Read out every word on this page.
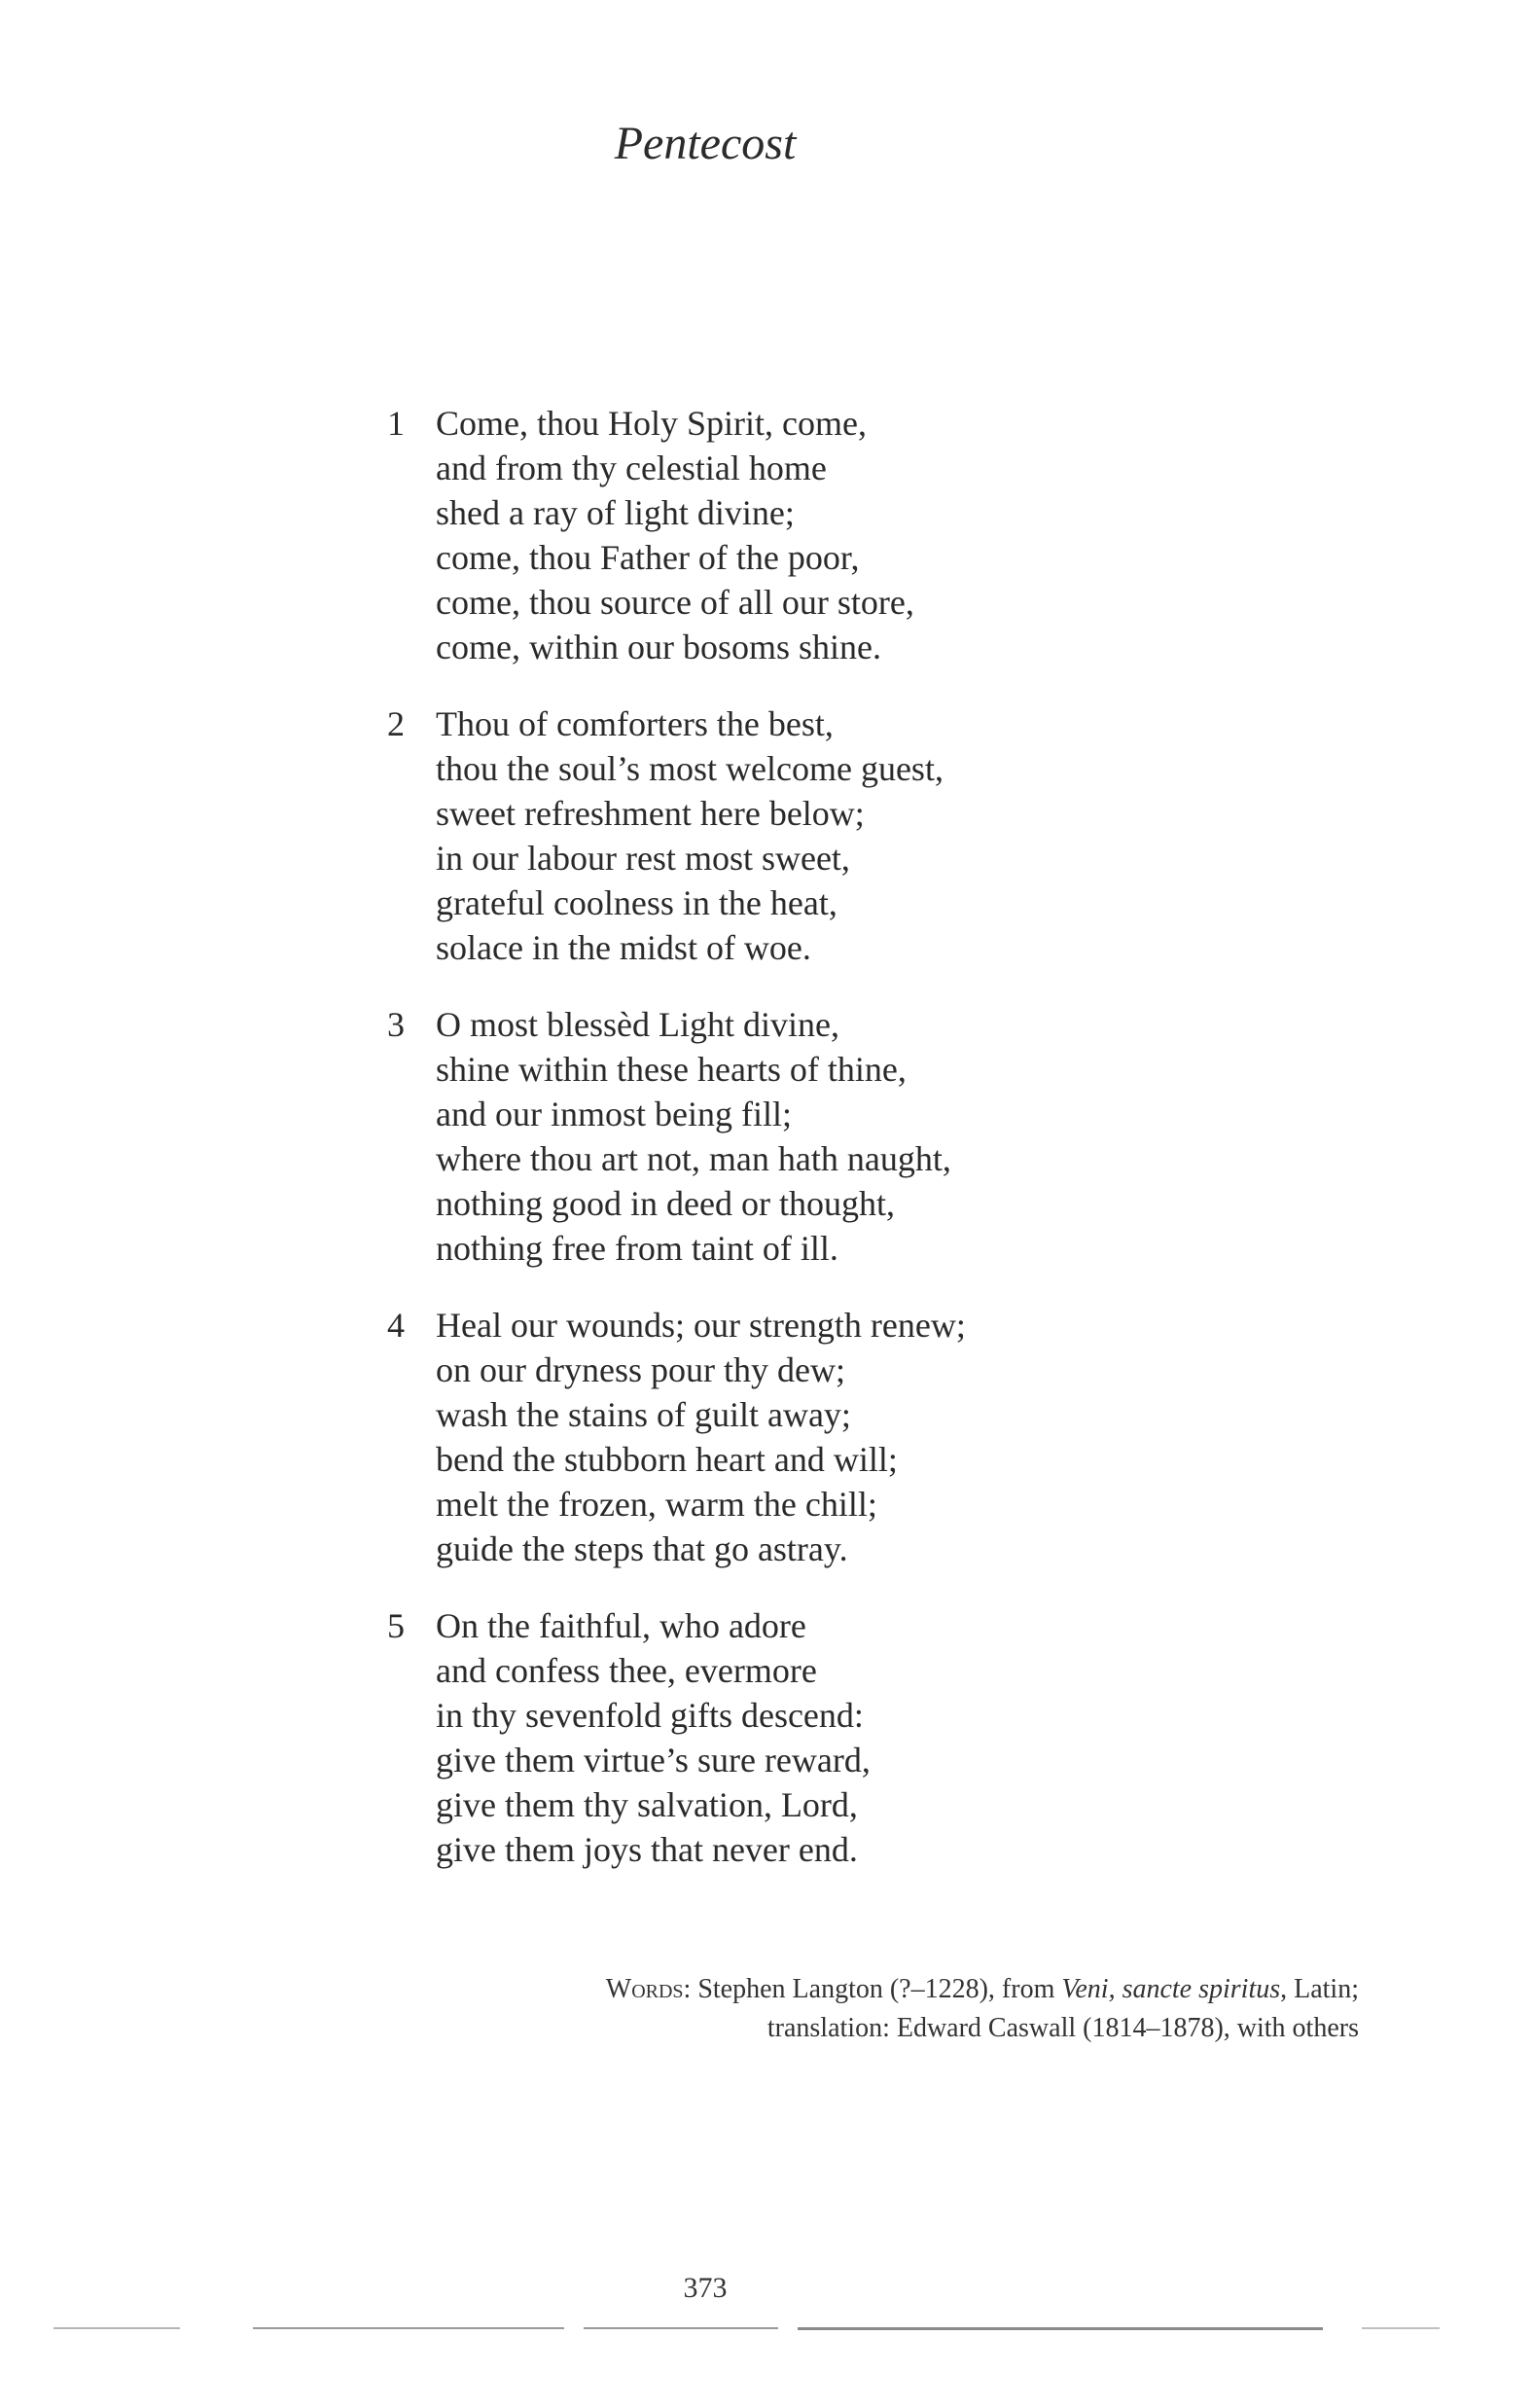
Pentecost
1 Come, thou Holy Spirit, come,
and from thy celestial home
shed a ray of light divine;
come, thou Father of the poor,
come, thou source of all our store,
come, within our bosoms shine.
2 Thou of comforters the best,
thou the soul’s most welcome guest,
sweet refreshment here below;
in our labour rest most sweet,
grateful coolness in the heat,
solace in the midst of woe.
3 O most blessèd Light divine,
shine within these hearts of thine,
and our inmost being fill;
where thou art not, man hath naught,
nothing good in deed or thought,
nothing free from taint of ill.
4 Heal our wounds; our strength renew;
on our dryness pour thy dew;
wash the stains of guilt away;
bend the stubborn heart and will;
melt the frozen, warm the chill;
guide the steps that go astray.
5 On the faithful, who adore
and confess thee, evermore
in thy sevenfold gifts descend:
give them virtue’s sure reward,
give them thy salvation, Lord,
give them joys that never end.
Words: Stephen Langton (?–1228), from Veni, sancte spiritus, Latin;
translation: Edward Caswall (1814–1878), with others
373
